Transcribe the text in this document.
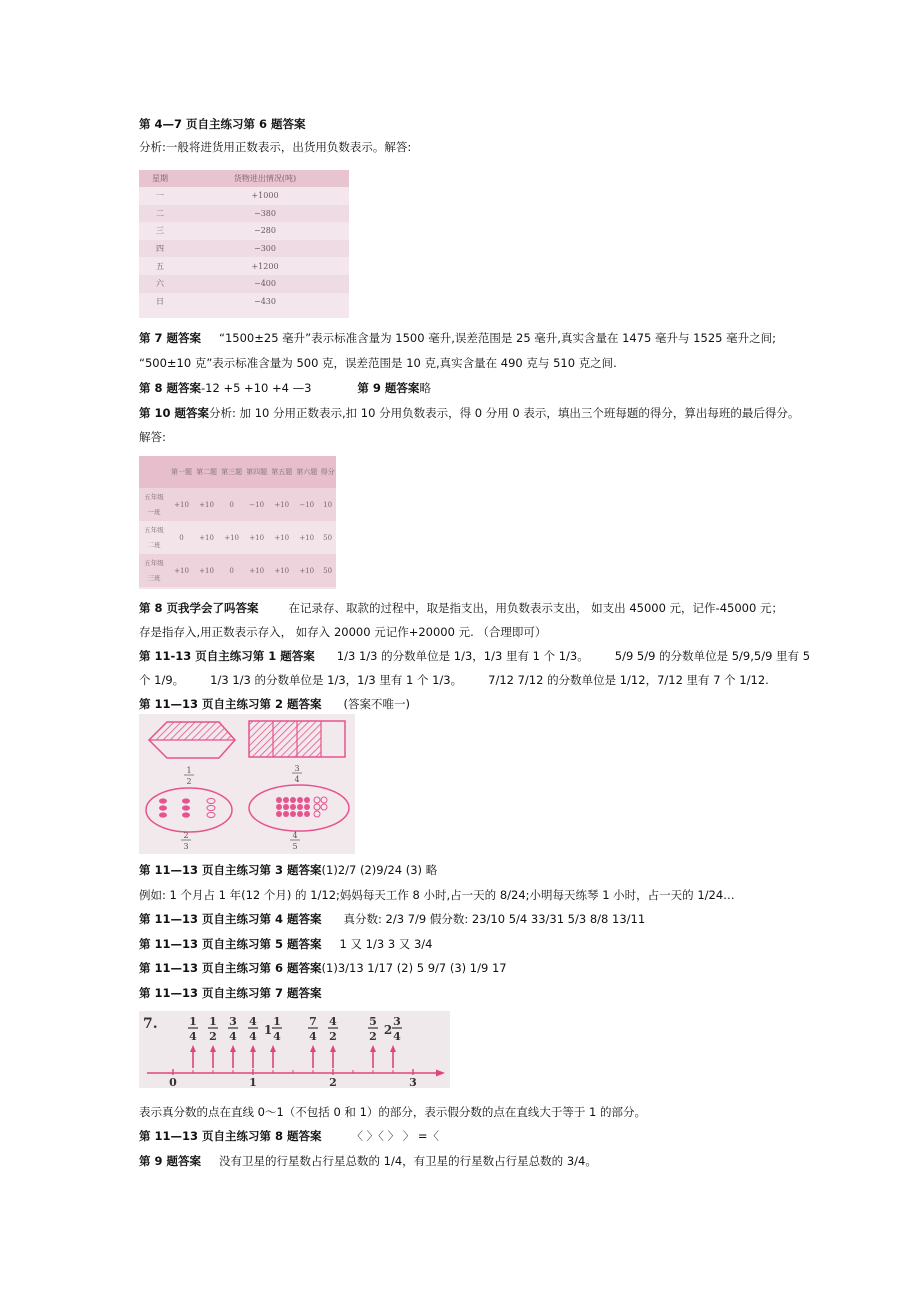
第 4—7 页自主练习第 6 题答案
分析:一般将进货用正数表示，出货用负数表示。解答:
星期	货物进出情况(吨)
一	+1000
二	−380
三	−280
四	−300
五	+1200
六	−400
日	−430
第 7 题答案 “1500±25 毫升”表示标准含量为 1500 毫升,误差范围是 25 毫升,真实含量在 1475 毫升与 1525 毫升之间;
“500±10 克”表示标准含量为 500 克，误差范围是 10 克,真实含量在 490 克与 510 克之间.
第 8 题答案-12 +5 +10 +4 —3	第 9 题答案略
第 10 题答案分析: 加 10 分用正数表示,扣 10 分用负数表示，得 0 分用 0 表示，填出三个班每题的得分，算出每班的最后得分。
解答:
	第一题	第二题	第三题	第四题	第五题	第六题	得分
五年级
一班	+10	+10	0	−10	+10	−10	10
五年级
二班	0	+10	+10	+10	+10	+10	50
五年级
三班	+10	+10	0	+10	+10	+10	50
第 8 页我学会了吗答案	在记录存、取款的过程中，取是指支出，用负数表示支出， 如支出 45000 元，记作-45000 元；
存是指存入,用正数表示存入， 如存入 20000 元记作+20000 元. （合理即可）
第 11-13 页自主练习第 1 题答案 1/3 1/3 的分数单位是 1/3，1/3 里有 1 个 1/3。 5/9 5/9 的分数单位是 5/9,5/9 里有 5
个 1/9。 1/3 1/3 的分数单位是 1/3，1/3 里有 1 个 1/3。 7/12 7/12 的分数单位是 1/12，7/12 里有 7 个 1/12.
第 11—13 页自主练习第 2 题答案 (答案不唯一)
1
2
3
4
2
3
4
5
第 11—13 页自主练习第 3 题答案(1)2/7 (2)9/24 (3) 略
例如: 1 个月占 1 年(12 个月) 的 1/12;妈妈每天工作 8 小时,占一天的 8/24;小明每天练琴 1 小时，占一天的 1/24…
第 11—13 页自主练习第 4 题答案 真分数: 2/3 7/9 假分数: 23/10 5/4 33/31 5/3 8/8 13/11
第 11—13 页自主练习第 5 题答案 1 又 1/3 3 又 3/4
第 11—13 页自主练习第 6 题答案(1)3/13 1/17 (2) 5 9/7 (3) 1/9 17
第 11—13 页自主练习第 7 题答案
7.
0	1	2	3
1
4
1
2
3
4
4
4 1
1
4
7
4
4
2
5
2 2
3
4
表示真分数的点在直线 0～1（不包括 0 和 1）的部分，表示假分数的点在直线大于等于 1 的部分。
第 11—13 页自主练习第 8 题答案	〈 〉〈 〉 〉 =〈
第 9 题答案 没有卫星的行星数占行星总数的 1/4，有卫星的行星数占行星总数的 3/4。
